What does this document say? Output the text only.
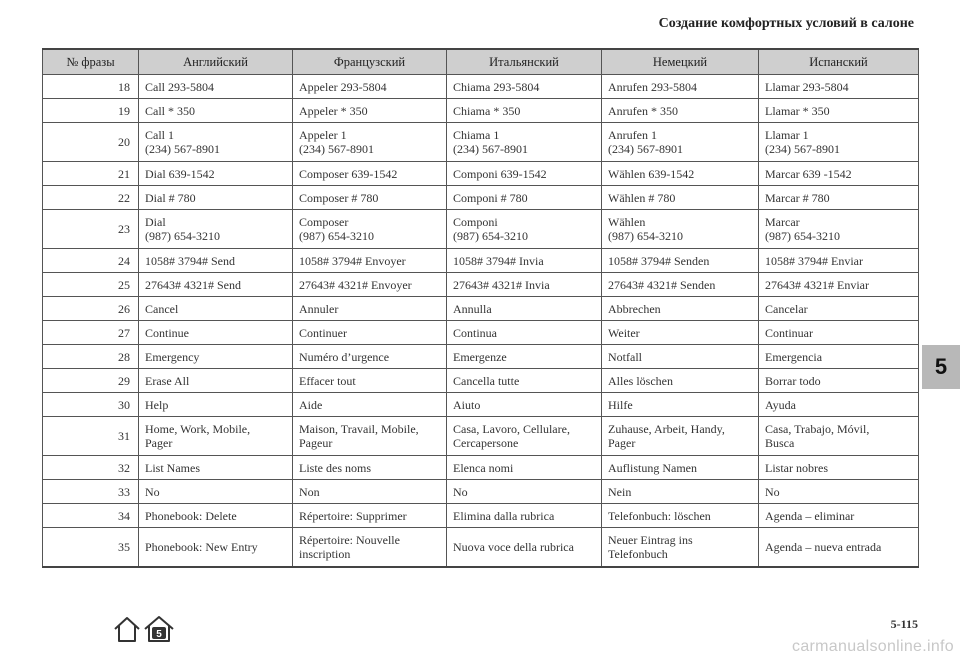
Создание комфортных условий в салоне
№ фразы	Английский	Французский	Итальянский	Немецкий	Испанский
18	Call 293-5804	Appeler 293-5804	Chiama 293-5804	Anrufen 293-5804	Llamar 293-5804

19	Call * 350	Appeler * 350	Chiama * 350	Anrufen * 350	Llamar * 350

20	Call 1
(234) 567-8901	Appeler 1
(234) 567-8901	Chiama 1
(234) 567-8901	Anrufen 1
(234) 567-8901	Llamar 1
(234) 567-8901

21	Dial 639-1542	Composer 639-1542	Componi 639-1542	Wählen 639-1542	Marcar 639 -1542

22	Dial # 780	Composer # 780	Componi # 780	Wählen # 780	Marcar # 780

23	Dial
(987) 654-3210	Composer
(987) 654-3210	Componi
(987) 654-3210	Wählen
(987) 654-3210	Marcar
(987) 654-3210

24	1058# 3794# Send	1058# 3794# Envoyer	1058# 3794# Invia	1058# 3794# Senden	1058# 3794# Enviar

25	27643# 4321# Send	27643# 4321# Envoyer	27643# 4321# Invia	27643# 4321# Senden	27643# 4321# Enviar

26	Cancel	Annuler	Annulla	Abbrechen	Cancelar

27	Continue	Continuer	Continua	Weiter	Continuar

28	Emergency	Numéro d’urgence	Emergenze	Notfall	Emergencia

29	Erase All	Effacer tout	Cancella tutte	Alles löschen	Borrar todo

30	Help	Aide	Aiuto	Hilfe	Ayuda

31	Home, Work, Mobile,
Pager	Maison, Travail, Mobile,
Pageur	Casa, Lavoro, Cellulare,
Cercapersone	Zuhause, Arbeit, Handy,
Pager	Casa, Trabajo, Móvil,
Busca

32	List Names	Liste des noms	Elenca nomi	Auflistung Namen	Listar nobres

33	No	Non	No	Nein	No

34	Phonebook: Delete	Répertoire: Supprimer	Elimina dalla rubrica	Telefonbuch: löschen	Agenda – eliminar

35	Phonebook: New Entry	Répertoire: Nouvelle
inscription	Nuova voce della rubrica	Neuer Eintrag ins
Telefonbuch	Agenda – nueva entrada
5
5-115
5
carmanualsonline.info
